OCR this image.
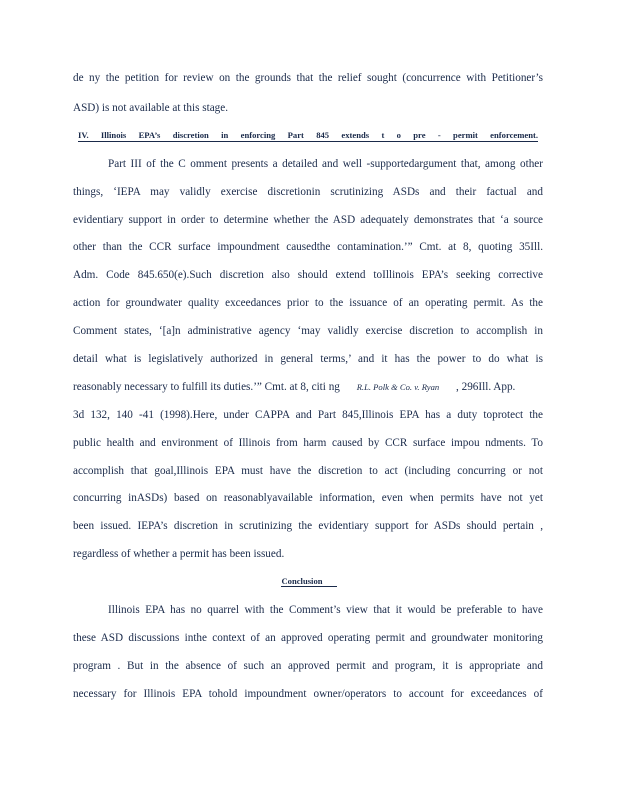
de ny the petition for review on the grounds that the relief sought (concurrence with Petitioner’s
ASD) is not available at this stage.
IV. Illinois EPA’s discretion in enforcing Part 845 extends t o pre - permit enforcement.
Part III of the C omment presents a detailed and well -supportedargument that, among other
things, ‘IEPA may validly exercise discretionin scrutinizing ASDs and their factual and
evidentiary support in order to determine whether the ASD adequately demonstrates that ‘a source
other than the CCR surface impoundment causedthe contamination.’” Cmt. at 8, quoting 35Ill.
Adm. Code 845.650(e).Such discretion also should extend toIllinois EPA’s seeking corrective
action for groundwater quality exceedances prior to the issuance of an operating permit. As the
Comment states, ‘[a]n administrative agency ‘may validly exercise discretion to accomplish in
detail what is legislatively authorized in general terms,’ and it has the power to do what is
reasonably necessary to fulfill its duties.’” Cmt. at 8, citi ng R.L. Polk & Co. v. Ryan , 296Ill. App.
3d 132, 140 -41 (1998).Here, under CAPPA and Part 845,Illinois EPA has a duty toprotect the
public health and environment of Illinois from harm caused by CCR surface impou ndments. To
accomplish that goal,Illinois EPA must have the discretion to act (including concurring or not
concurring inASDs) based on reasonablyavailable information, even when permits have not yet
been issued. IEPA’s discretion in scrutinizing the evidentiary support for ASDs should pertain ,
regardless of whether a permit has been issued.
Conclusion
Illinois EPA has no quarrel with the Comment’s view that it would be preferable to have
these ASD discussions inthe context of an approved operating permit and groundwater monitoring
program . But in the absence of such an approved permit and program, it is appropriate and
necessary for Illinois EPA tohold impoundment owner/operators to account for exceedances of
